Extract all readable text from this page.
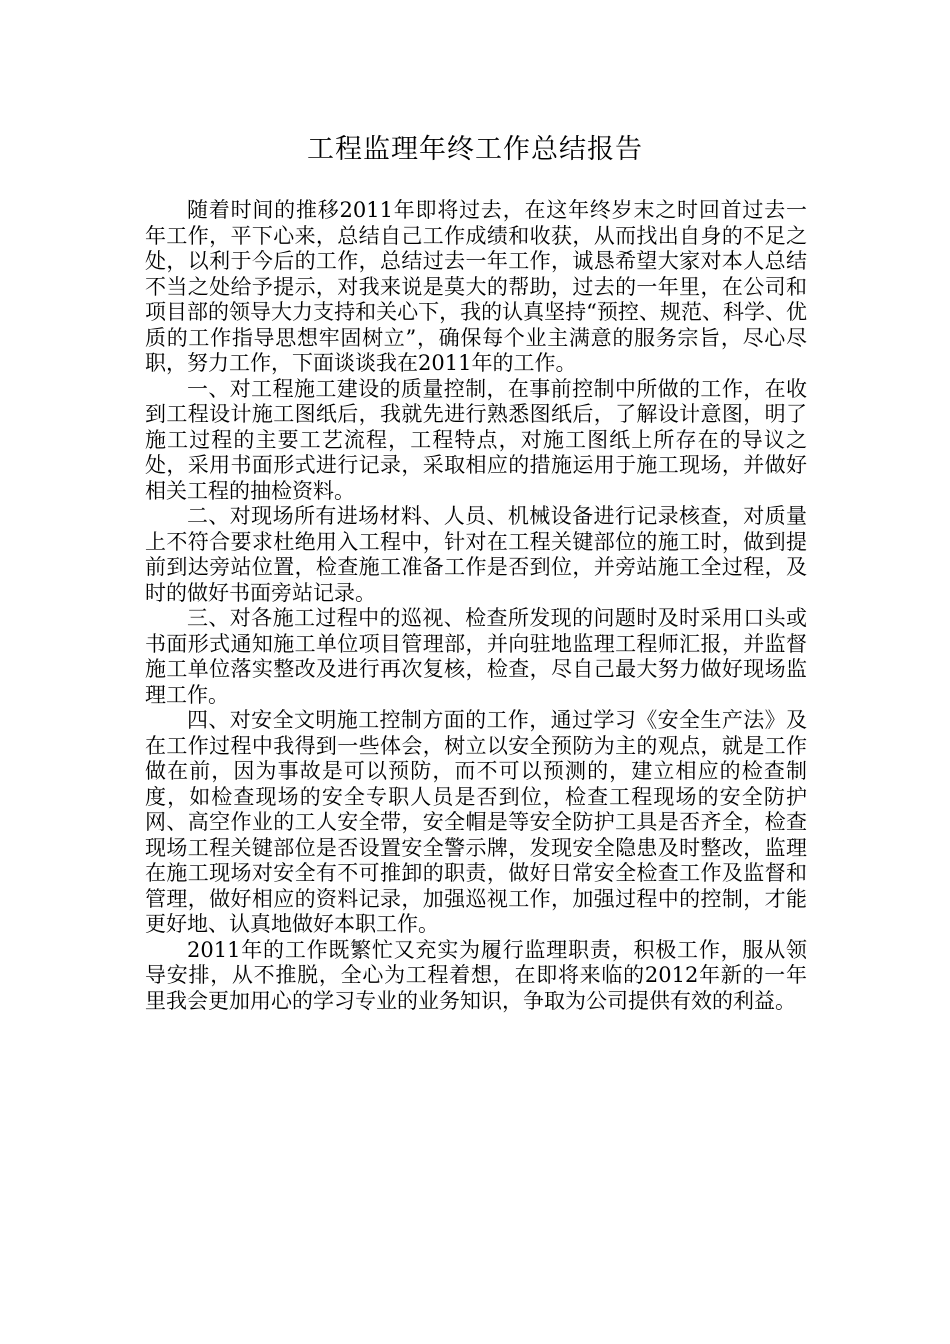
工程监理年终工作总结报告

随着时间的推移2011年即将过去，在这年终岁末之时回首过去一年工作，平下心来，总结自己工作成绩和收获，从而找出自身的不足之处，以利于今后的工作，总结过去一年工作，诚恳希望大家对本人总结不当之处给予提示，对我来说是莫大的帮助，过去的一年里，在公司和项目部的领导大力支持和关心下，我的认真坚持“预控、规范、科学、优质的工作指导思想牢固树立”，确保每个业主满意的服务宗旨，尽心尽职，努力工作，下面谈谈我在2011年的工作。

一、对工程施工建设的质量控制，在事前控制中所做的工作，在收到工程设计施工图纸后，我就先进行熟悉图纸后，了解设计意图，明了施工过程的主要工艺流程，工程特点，对施工图纸上所存在的导议之处，采用书面形式进行记录，采取相应的措施运用于施工现场，并做好相关工程的抽检资料。

二、对现场所有进场材料、人员、机械设备进行记录核查，对质量上不符合要求杜绝用入工程中，针对在工程关键部位的施工时，做到提前到达旁站位置，检查施工准备工作是否到位，并旁站施工全过程，及时的做好书面旁站记录。

三、对各施工过程中的巡视、检查所发现的问题时及时采用口头或书面形式通知施工单位项目管理部，并向驻地监理工程师汇报，并监督施工单位落实整改及进行再次复核，检查，尽自己最大努力做好现场监理工作。

四、对安全文明施工控制方面的工作，通过学习《安全生产法》及在工作过程中我得到一些体会，树立以安全预防为主的观点，就是工作做在前，因为事故是可以预防，而不可以预测的，建立相应的检查制度，如检查现场的安全专职人员是否到位，检查工程现场的安全防护网、高空作业的工人安全带，安全帽是等安全防护工具是否齐全，检查现场工程关键部位是否设置安全警示牌，发现安全隐患及时整改，监理在施工现场对安全有不可推卸的职责，做好日常安全检查工作及监督和管理，做好相应的资料记录，加强巡视工作，加强过程中的控制，才能更好地、认真地做好本职工作。

2011年的工作既繁忙又充实为履行监理职责，积极工作，服从领导安排，从不推脱，全心为工程着想，在即将来临的2012年新的一年里我会更加用心的学习专业的业务知识，争取为公司提供有效的利益。
